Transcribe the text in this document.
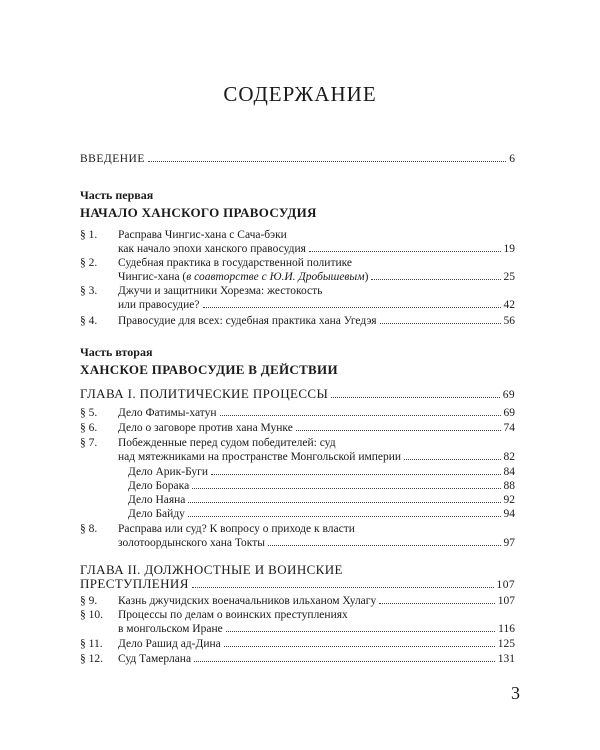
СОДЕРЖАНИЕ
ВВЕДЕНИЕ	6
Часть первая
НАЧАЛО ХАНСКОГО ПРАВОСУДИЯ
§ 1.	Расправа Чингис-хана с Сача-бэки
как начало эпохи ханского правосудия	19
§ 2.	Судебная практика в государственной политике
Чингис-хана (в соавторстве с Ю.И. Дробышевым)	25
§ 3.	Джучи и защитники Хорезма: жестокость
или правосудие?	42
§ 4.	Правосудие для всех: судебная практика хана Угедэя	56
Часть вторая
ХАНСКОЕ ПРАВОСУДИЕ В ДЕЙСТВИИ
ГЛАВА I. ПОЛИТИЧЕСКИЕ ПРОЦЕССЫ	69
§ 5.	Дело Фатимы-хатун	69
§ 6.	Дело о заговоре против хана Мунке	74
§ 7.	Побежденные перед судом победителей: суд
над мятежниками на пространстве Монгольской империи	82
Дело Арик-Буги	84
Дело Борака	88
Дело Наяна	92
Дело Байду	94
§ 8.	Расправа или суд? К вопросу о приходе к власти
золотоордынского хана Токты	97
ГЛАВА II. ДОЛЖНОСТНЫЕ И ВОИНСКИЕ
ПРЕСТУПЛЕНИЯ	107
§ 9.	Казнь джучидских военачальников ильханом Хулагу	107
§ 10.	Процессы по делам о воинских преступлениях
в монгольском Иране	116
§ 11.	Дело Рашид ад-Дина	125
§ 12.	Суд Тамерлана	131
3
